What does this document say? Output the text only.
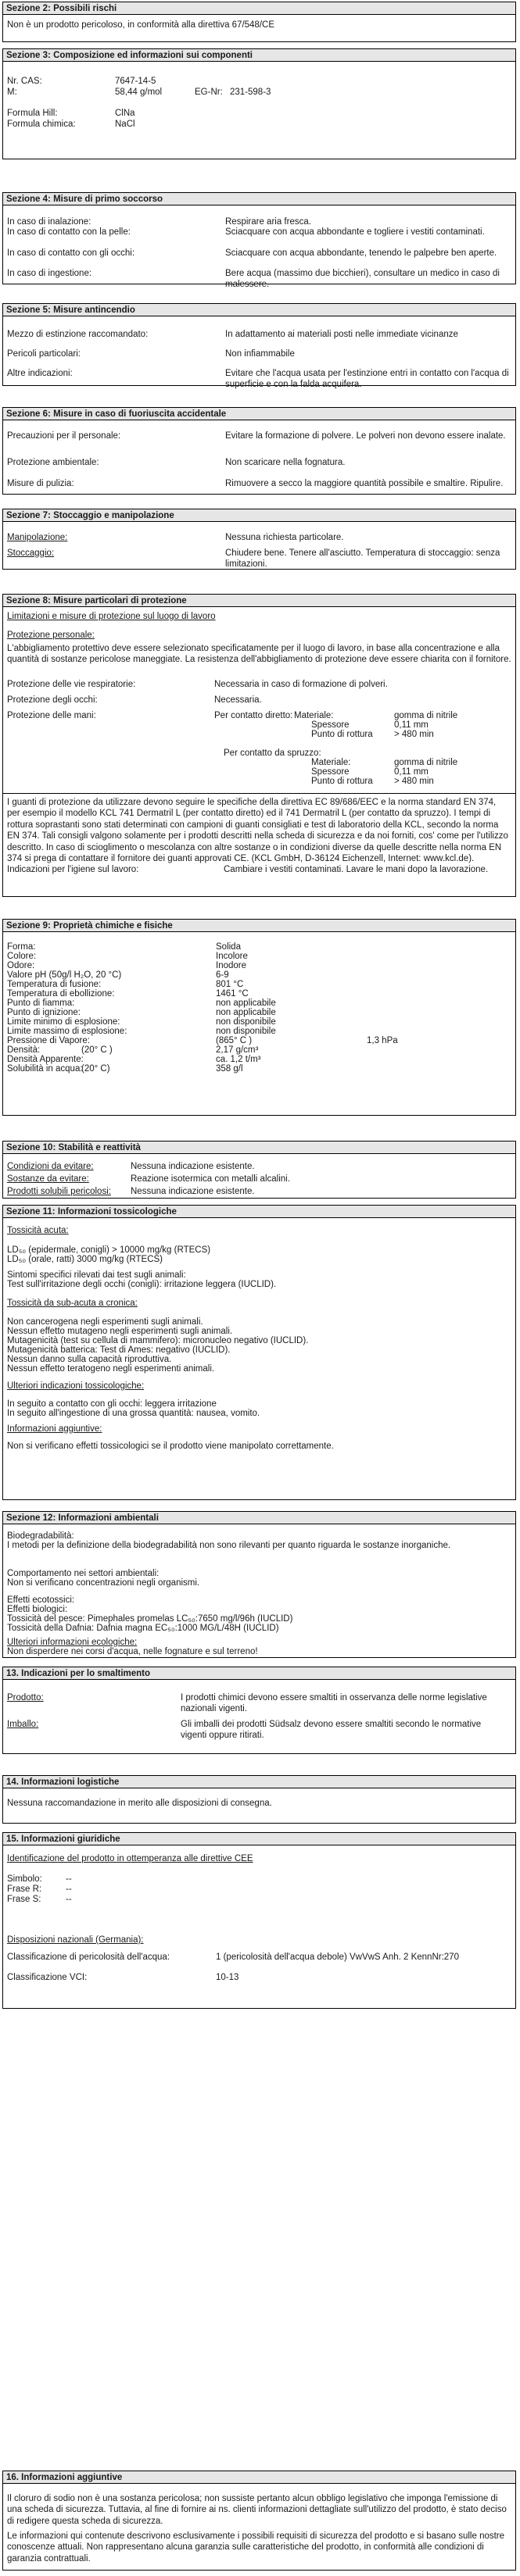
Sezione 2: Possibili rischi
Non è un prodotto pericoloso, in conformità alla direttiva 67/548/CE
Sezione 3: Composizione ed informazioni sui componenti
Nr. CAS:	7647-14-5
M:	58,44 g/mol	EG-Nr: 231-598-3
Formula Hill:	ClNa
Formula chimica:	NaCl
Sezione 4: Misure di primo soccorso
In caso di inalazione:	Respirare aria fresca.
In caso di contatto con la pelle:	Sciacquare con acqua abbondante e togliere i vestiti contaminati.
In caso di contatto con gli occhi:	Sciacquare con acqua abbondante, tenendo le palpebre ben aperte.
In caso di ingestione:	Bere acqua (massimo due bicchieri), consultare un medico in caso di malessere.
Sezione 5: Misure antincendio
Mezzo di estinzione raccomandato:	In adattamento ai materiali posti nelle immediate vicinanze
Pericoli particolari:	Non infiammabile
Altre indicazioni:	Evitare che l'acqua usata per l'estinzione entri in contatto con l'acqua di superficie e con la falda acquifera.
Sezione 6: Misure in caso di fuoriuscita accidentale
Precauzioni per il personale:	Evitare la formazione di polvere. Le polveri non devono essere inalate.
Protezione ambientale:	Non scaricare nella fognatura.
Misure di pulizia:	Rimuovere a secco la maggiore quantità possibile e smaltire. Ripulire.
Sezione 7: Stoccaggio e manipolazione
Manipolazione:	Nessuna richiesta particolare.
Stoccaggio:	Chiudere bene. Tenere all'asciutto. Temperatura di stoccaggio: senza limitazioni.
Sezione 8: Misure particolari di protezione
Limitazioni e misure di protezione sul luogo di lavoro
Protezione personale:
L'abbigliamento protettivo deve essere selezionato specificatamente per il luogo di lavoro, in base alla concentrazione e alla quantità di sostanze pericolose maneggiate. La resistenza dell'abbigliamento di protezione deve essere chiarita con il fornitore.
Protezione delle vie respiratorie:	Necessaria in caso di formazione di polveri.
Protezione degli occhi:	Necessaria.
Protezione delle mani:	Per contatto diretto: Materiale:	gomma di nitrile
Spessore	0,11 mm
Punto di rottura > 480 min
Per contatto da spruzzo:
Materiale:	gomma di nitrile
Spessore	0,11 mm
Punto di rottura > 480 min
I guanti di protezione da utilizzare devono seguire le specifiche della direttiva EC 89/686/EEC e la norma standard EN 374, per esempio il modello KCL 741 Dermatril L (per contatto diretto) ed il 741 Dermatril L (per contatto da spruzzo). I tempi di rottura soprastanti sono stati determinati con campioni di guanti consigliati e test di laboratorio della KCL, secondo la norma EN 374. Tali consigli valgono solamente per i prodotti descritti nella scheda di sicurezza e da noi forniti, cos' come per l'utilizzo descritto. In caso di scioglimento o mescolanza con altre sostanze o in condizioni diverse da quelle descritte nella norma EN 374 si prega di contattare il fornitore dei guanti approvati CE. (KCL GmbH, D-36124 Eichenzell, Internet: www.kcl.de).
Indicazioni per l'igiene sul lavoro:	Cambiare i vestiti contaminati. Lavare le mani dopo la lavorazione.
Sezione 9: Proprietà chimiche e fisiche
Forma:	Solida
Colore:	Incolore
Odore:	Inodore
Valore pH (50g/l H₂O, 20 °C)	6-9
Temperatura di fusione:	801 °C
Temperatura di ebollizione:	1461 °C
Punto di fiamma:	non applicabile
Punto di ignizione:	non applicabile
Limite minimo di esplosione:	non disponibile
Limite massimo di esplosione:	non disponibile
Pressione di Vapore:	(865° C )	1,3 hPa
Densità:	(20° C )	2,17 g/cm³
Densità Apparente:	ca. 1,2 t/m³
Solubilità in acqua:
(20° C)	358 g/l
Sezione 10: Stabilità e reattività
Condizioni da evitare:	Nessuna indicazione esistente.
Sostanze da evitare:	Reazione isotermica con metalli alcalini.
Prodotti solubili pericolosi: Nessuna indicazione esistente.
Sezione 11: Informazioni tossicologiche
Tossicità acuta:
LD₅₀ (epidermale, conigli) > 10000 mg/kg (RTECS)
LD₅₀ (orale, ratti) 3000 mg/kg (RTECS)
Sintomi specifici rilevati dai test sugli animali:
Test sull'irritazione degli occhi (conigli): irritazione leggera (IUCLID).
Tossicità da sub-acuta a cronica:
Non cancerogena negli esperimenti sugli animali.
Nessun effetto mutageno negli esperimenti sugli animali.
Mutagenicità (test su cellula di mammifero): micronucleo negativo (IUCLID).
Mutagenicità batterica: Test di Ames: negativo (IUCLID).
Nessun danno sulla capacità riproduttiva.
Nessun effetto teratogeno negli esperimenti animali.
Ulteriori indicazioni tossicologiche:
In seguito a contatto con gli occhi: leggera irritazione
In seguito all'ingestione di una grossa quantità: nausea, vomito.
Informazioni aggiuntive:
Non si verificano effetti tossicologici se il prodotto viene manipolato correttamente.
Sezione 12: Informazioni ambientali
Biodegradabilità:
I metodi per la definizione della biodegradabilità non sono rilevanti per quanto riguarda le sostanze inorganiche.
Comportamento nei settori ambientali:
Non si verificano concentrazioni negli organismi.
Effetti ecotossici:
Effetti biologici:
Tossicità del pesce: Pimephales promelas LC₅₀:7650 mg/l/96h (IUCLID)
Tossicità della Dafnia: Dafnia magna EC₅₀:1000 MG/L/48H (IUCLID)
Ulteriori informazioni ecologiche:
Non disperdere nei corsi d'acqua, nelle fognature e sul terreno!
13. Indicazioni per lo smaltimento
Prodotto:	I prodotti chimici devono essere smaltiti in osservanza delle norme legislative nazionali vigenti.
Imballo:	Gli imballi dei prodotti Südsalz devono essere smaltiti secondo le normative vigenti oppure ritirati.
14. Informazioni logistiche
Nessuna raccomandazione in merito alle disposizioni di consegna.
15. Informazioni giuridiche
Identificazione del prodotto in ottemperanza alle direttive CEE
Simbolo:	--
Frase R:	--
Frase S:	--
Disposizioni nazionali (Germania):
Classificazione di pericolosità dell'acqua:	1 (pericolosità dell'acqua debole) VwVwS Anh. 2 KennNr:270
Classificazione VCI:	10-13
16. Informazioni aggiuntive
Il cloruro di sodio non è una sostanza pericolosa; non sussiste pertanto alcun obbligo legislativo che imponga l'emissione di una scheda di sicurezza. Tuttavia, al fine di fornire ai ns. clienti informazioni dettagliate sull'utilizzo del prodotto, è stato deciso di redigere questa scheda di sicurezza.
Le informazioni qui contenute descrivono esclusivamente i possibili requisiti di sicurezza del prodotto e si basano sulle nostre conoscenze attuali. Non rappresentano alcuna garanzia sulle caratteristiche del prodotto, in conformità alle condizioni di garanzia contrattuali.
